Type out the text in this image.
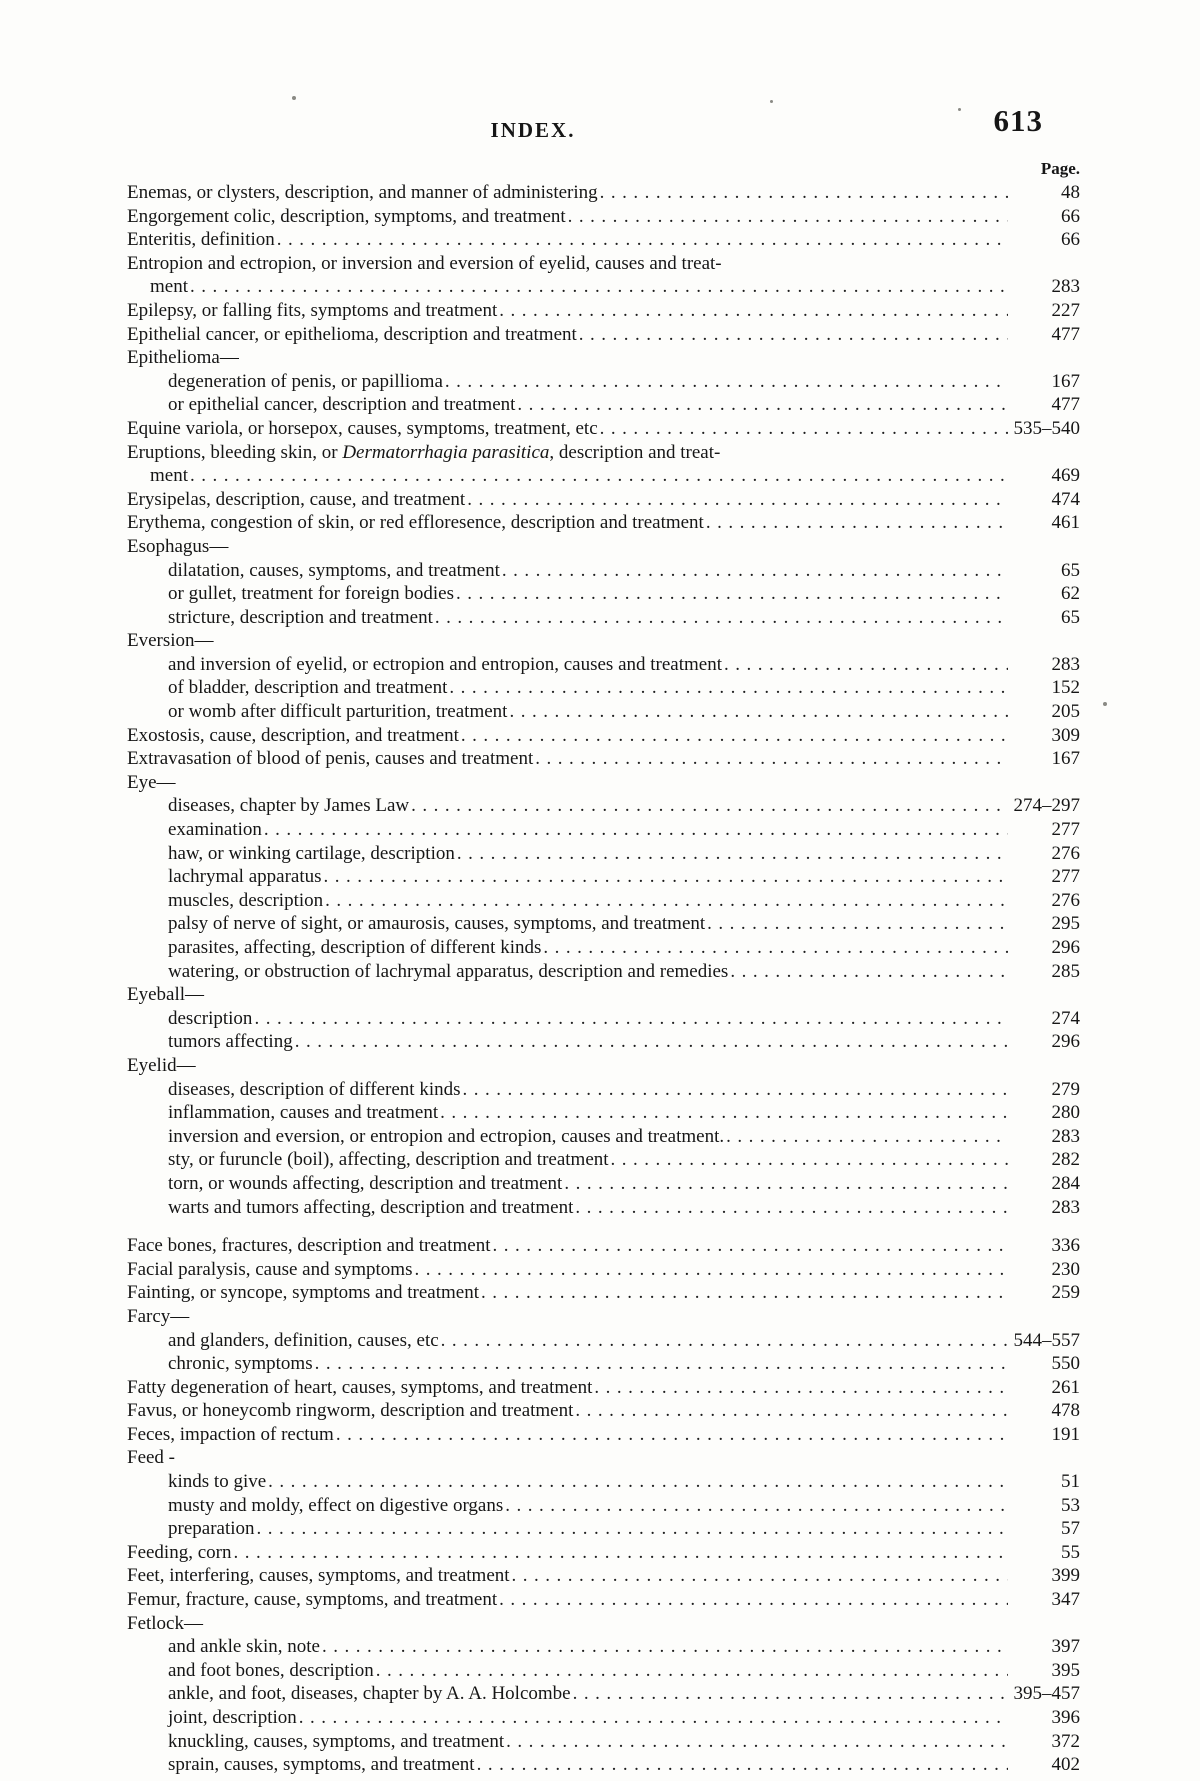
INDEX.	613
Page.
Enemas, or clysters, description, and manner of administering .....	48
Engorgement colic, description, symptoms, and treatment .....	66
Enteritis, definition .....	66
Entropion and ectropion, or inversion and eversion of eyelid, causes and treat-
ment .....	283
Epilepsy, or falling fits, symptoms and treatment .....	227
Epithelial cancer, or epithelioma, description and treatment .....	477
Epithelioma—
degeneration of penis, or papillioma .....	167
or epithelial cancer, description and treatment .....	477
Equine variola, or horsepox, causes, symptoms, treatment, etc .....	535–540
Eruptions, bleeding skin, or Dermatorrhagia parasitica, description and treat-
ment .....	469
Erysipelas, description, cause, and treatment .....	474
Erythema, congestion of skin, or red effloresence, description and treatment .....	461
Esophagus—
dilatation, causes, symptoms, and treatment .....	65
or gullet, treatment for foreign bodies .....	62
stricture, description and treatment .....	65
Eversion—
and inversion of eyelid, or ectropion and entropion, causes and treatment .....	283
of bladder, description and treatment .....	152
or womb after difficult parturition, treatment .....	205
Exostosis, cause, description, and treatment .....	309
Extravasation of blood of penis, causes and treatment .....	167
Eye—
diseases, chapter by James Law .....	274–297
examination .....	277
haw, or winking cartilage, description .....	276
lachrymal apparatus .....	277
muscles, description .....	276
palsy of nerve of sight, or amaurosis, causes, symptoms, and treatment .....	295
parasites, affecting, description of different kinds .....	296
watering, or obstruction of lachrymal apparatus, description and remedies .....	285
Eyeball—
description .....	274
tumors affecting .....	296
Eyelid—
diseases, description of different kinds .....	279
inflammation, causes and treatment .....	280
inversion and eversion, or entropion and ectropion, causes and treatment. .....	283
sty, or furuncle (boil), affecting, description and treatment .....	282
torn, or wounds affecting, description and treatment .....	284
warts and tumors affecting, description and treatment .....	283
Face bones, fractures, description and treatment .....	336
Facial paralysis, cause and symptoms .....	230
Fainting, or syncope, symptoms and treatment .....	259
Farcy—
and glanders, definition, causes, etc .....	544–557
chronic, symptoms .....	550
Fatty degeneration of heart, causes, symptoms, and treatment .....	261
Favus, or honeycomb ringworm, description and treatment .....	478
Feces, impaction of rectum .....	191
Feed -
kinds to give .....	51
musty and moldy, effect on digestive organs .....	53
preparation .....	57
Feeding, corn .....	55
Feet, interfering, causes, symptoms, and treatment .....	399
Femur, fracture, cause, symptoms, and treatment .....	347
Fetlock—
and ankle skin, note .....	397
and foot bones, description .....	395
ankle, and foot, diseases, chapter by A. A. Holcombe .....	395–457
joint, description .....	396
knuckling, causes, symptoms, and treatment .....	372
sprain, causes, symptoms, and treatment .....	402
